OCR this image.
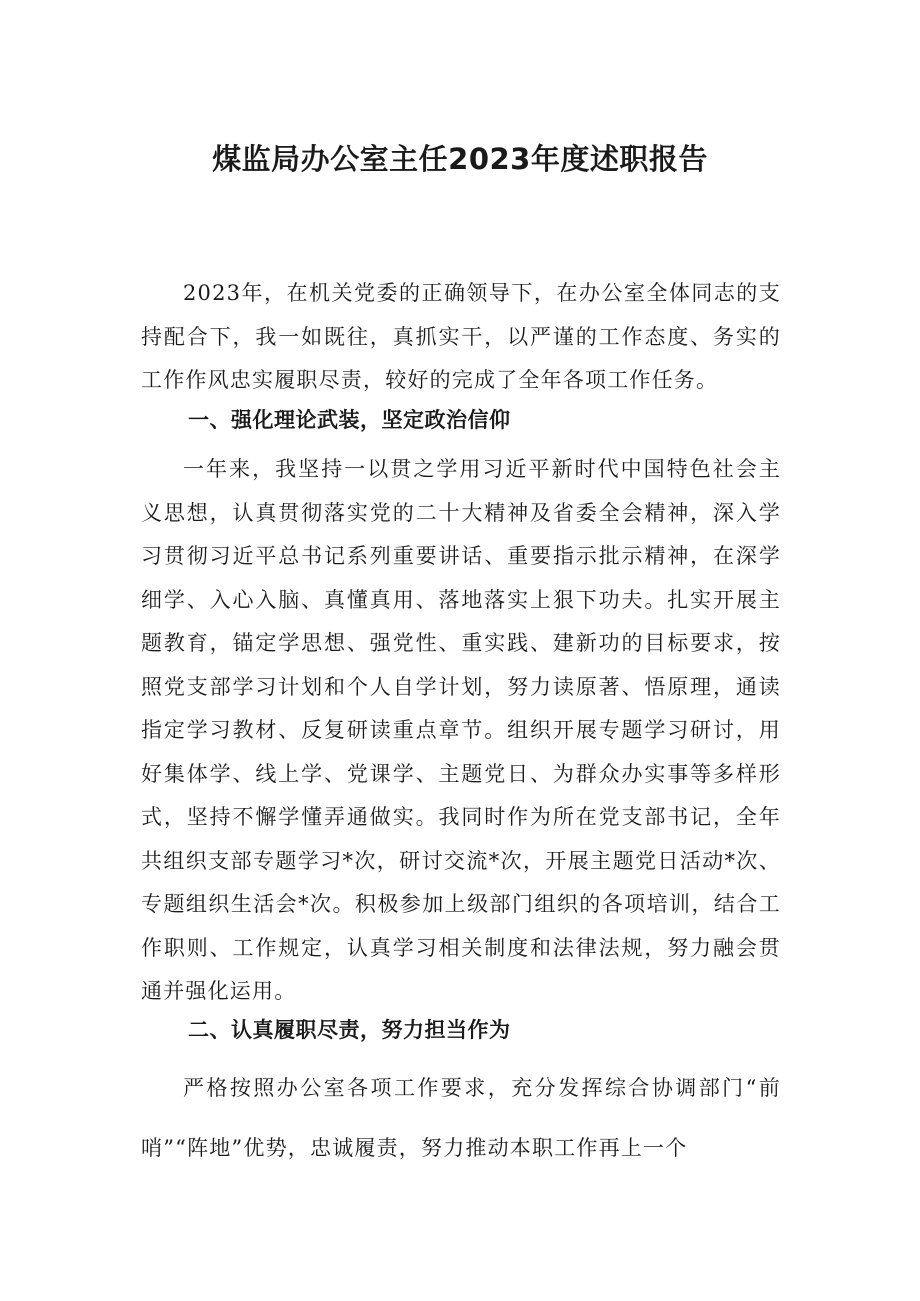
煤监局办公室主任2023年度述职报告

2023年，在机关党委的正确领导下，在办公室全体同志的支持配合下，我一如既往，真抓实干，以严谨的工作态度、务实的工作作风忠实履职尽责，较好的完成了全年各项工作任务。

一、强化理论武装，坚定政治信仰

一年来，我坚持一以贯之学用习近平新时代中国特色社会主义思想，认真贯彻落实党的二十大精神及省委全会精神，深入学习贯彻习近平总书记系列重要讲话、重要指示批示精神，在深学细学、入心入脑、真懂真用、落地落实上狠下功夫。扎实开展主题教育，锚定学思想、强党性、重实践、建新功的目标要求，按照党支部学习计划和个人自学计划，努力读原著、悟原理，通读指定学习教材、反复研读重点章节。组织开展专题学习研讨，用好集体学、线上学、党课学、主题党日、为群众办实事等多样形式，坚持不懈学懂弄通做实。我同时作为所在党支部书记，全年共组织支部专题学习*次，研讨交流*次，开展主题党日活动*次、专题组织生活会*次。积极参加上级部门组织的各项培训，结合工作职则、工作规定，认真学习相关制度和法律法规，努力融会贯通并强化运用。

二、认真履职尽责，努力担当作为

严格按照办公室各项工作要求，充分发挥综合协调部门“前哨”“阵地”优势，忠诚履责，努力推动本职工作再上一个
